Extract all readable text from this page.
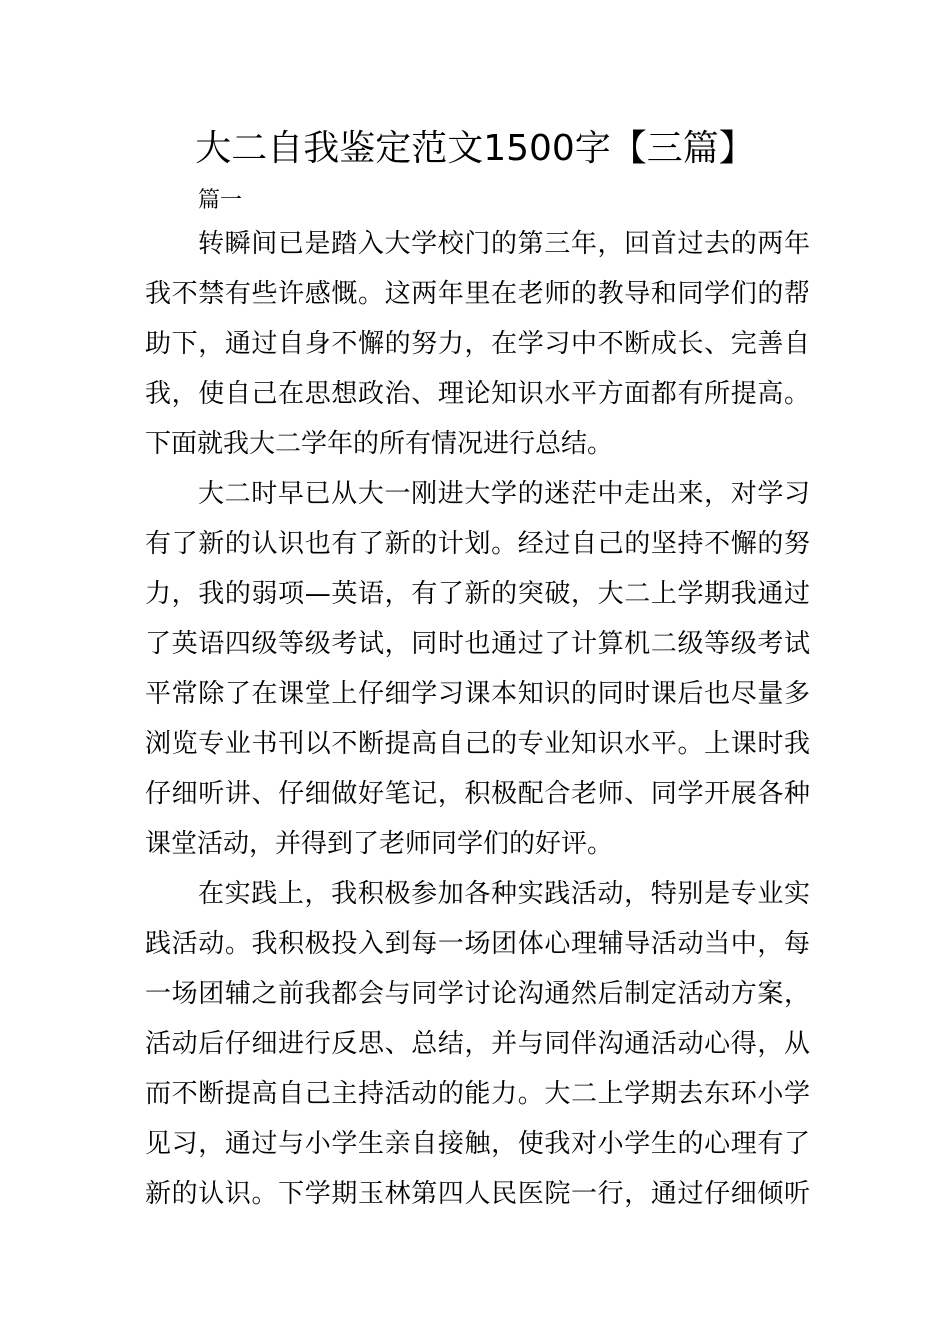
大二自我鉴定范文1500字【三篇】

篇一

转瞬间已是踏入大学校门的第三年，回首过去的两年

我不禁有些许感慨。这两年里在老师的教导和同学们的帮

助下，通过自身不懈的努力，在学习中不断成长、完善自

我，使自己在思想政治、理论知识水平方面都有所提高。

下面就我大二学年的所有情况进行总结。

大二时早已从大一刚进大学的迷茫中走出来，对学习

有了新的认识也有了新的计划。经过自己的坚持不懈的努

力，我的弱项—英语，有了新的突破，大二上学期我通过

了英语四级等级考试，同时也通过了计算机二级等级考试

平常除了在课堂上仔细学习课本知识的同时课后也尽量多

浏览专业书刊以不断提高自己的专业知识水平。上课时我

仔细听讲、仔细做好笔记，积极配合老师、同学开展各种

课堂活动，并得到了老师同学们的好评。

在实践上，我积极参加各种实践活动，特别是专业实

践活动。我积极投入到每一场团体心理辅导活动当中，每

一场团辅之前我都会与同学讨论沟通然后制定活动方案，

活动后仔细进行反思、总结，并与同伴沟通活动心得，从

而不断提高自己主持活动的能力。大二上学期去东环小学

见习，通过与小学生亲自接触，使我对小学生的心理有了

新的认识。下学期玉林第四人民医院一行，通过仔细倾听
